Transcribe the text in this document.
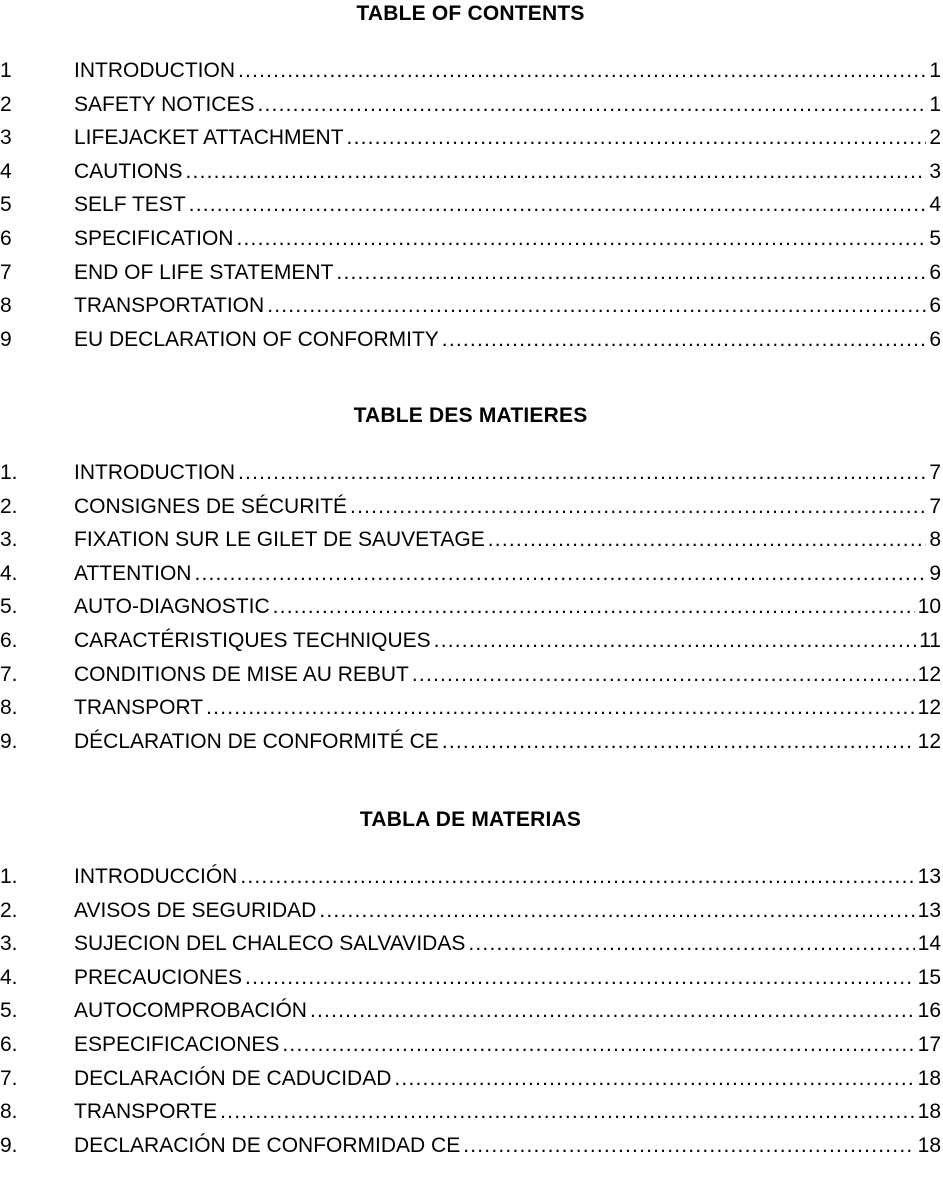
TABLE OF CONTENTS
1	INTRODUCTION .....	1
2	SAFETY NOTICES .....	1
3	LIFEJACKET ATTACHMENT .....	2
4	CAUTIONS .....	3
5	SELF TEST .....	4
6	SPECIFICATION .....	5
7	END OF LIFE STATEMENT .....	6
8	TRANSPORTATION .....	6
9	EU DECLARATION OF CONFORMITY .....	6
TABLE DES MATIERES
1.	INTRODUCTION .....	7
2.	CONSIGNES DE SÉCURITÉ .....	7
3.	FIXATION SUR LE GILET DE SAUVETAGE .....	8
4.	ATTENTION .....	9
5.	AUTO-DIAGNOSTIC .....	10
6.	CARACTÉRISTIQUES TECHNIQUES .....	11
7.	CONDITIONS DE MISE AU REBUT .....	12
8.	TRANSPORT .....	12
9.	DÉCLARATION DE CONFORMITÉ CE .....	12
TABLA DE MATERIAS
1.	INTRODUCCIÓN .....	13
2.	AVISOS DE SEGURIDAD .....	13
3.	SUJECION DEL CHALECO SALVAVIDAS .....	14
4.	PRECAUCIONES .....	15
5.	AUTOCOMPROBACIÓN .....	16
6.	ESPECIFICACIONES .....	17
7.	DECLARACIÓN DE CADUCIDAD .....	18
8.	TRANSPORTE .....	18
9.	DECLARACIÓN DE CONFORMIDAD CE .....	18
